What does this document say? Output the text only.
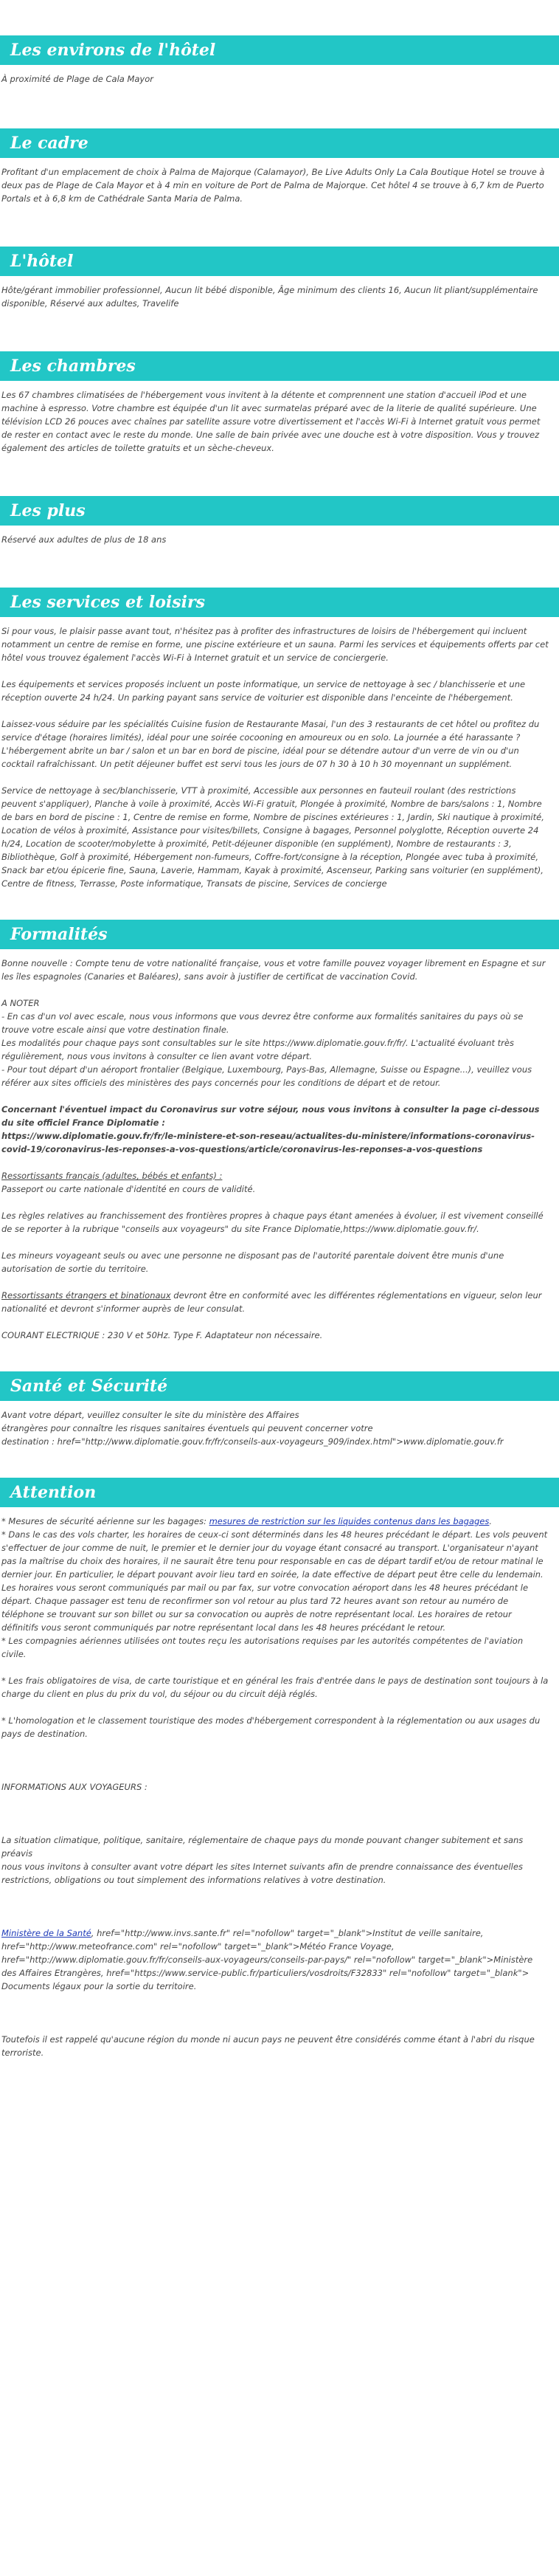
Les environs de l'hôtel

À proximité de Plage de Cala Mayor

Le cadre

Profitant d'un emplacement de choix à Palma de Majorque (Calamayor), Be Live Adults Only La Cala Boutique Hotel se trouve à deux pas de Plage de Cala Mayor et à 4 min en voiture de Port de Palma de Majorque. Cet hôtel 4 se trouve à 6,7 km de Puerto Portals et à 6,8 km de Cathédrale Santa Maria de Palma.

L'hôtel

Hôte/gérant immobilier professionnel, Aucun lit bébé disponible, Âge minimum des clients 16, Aucun lit pliant/supplémentaire disponible, Réservé aux adultes, Travelife

Les chambres

Les 67 chambres climatisées de l'hébergement vous invitent à la détente et comprennent une station d'accueil iPod et une machine à espresso. Votre chambre est équipée d'un lit avec surmatelas préparé avec de la literie de qualité supérieure. Une télévision LCD 26 pouces avec chaînes par satellite assure votre divertissement et l'accès Wi-Fi à Internet gratuit vous permet de rester en contact avec le reste du monde. Une salle de bain privée avec une douche est à votre disposition. Vous y trouvez également des articles de toilette gratuits et un sèche-cheveux.

Les plus

Réservé aux adultes de plus de 18 ans

Les services et loisirs

Si pour vous, le plaisir passe avant tout, n'hésitez pas à profiter des infrastructures de loisirs de l'hébergement qui incluent notamment un centre de remise en forme, une piscine extérieure et un sauna. Parmi les services et équipements offerts par cet hôtel vous trouvez également l'accès Wi-Fi à Internet gratuit et un service de conciergerie.

Les équipements et services proposés incluent un poste informatique, un service de nettoyage à sec / blanchisserie et une réception ouverte 24 h/24. Un parking payant sans service de voiturier est disponible dans l'enceinte de l'hébergement.

Laissez-vous séduire par les spécialités Cuisine fusion de Restaurante Masai, l'un des 3 restaurants de cet hôtel ou profitez du service d'étage (horaires limités), idéal pour une soirée cocooning en amoureux ou en solo. La journée a été harassante ? L'hébergement abrite un bar / salon et un bar en bord de piscine, idéal pour se détendre autour d'un verre de vin ou d'un cocktail rafraîchissant. Un petit déjeuner buffet est servi tous les jours de 07 h 30 à 10 h 30 moyennant un supplément.

Service de nettoyage à sec/blanchisserie, VTT à proximité, Accessible aux personnes en fauteuil roulant (des restrictions peuvent s'appliquer), Planche à voile à proximité, Accès Wi-Fi gratuit, Plongée à proximité, Nombre de bars/salons : 1, Nombre de bars en bord de piscine : 1, Centre de remise en forme, Nombre de piscines extérieures : 1, Jardin, Ski nautique à proximité, Location de vélos à proximité, Assistance pour visites/billets, Consigne à bagages, Personnel polyglotte, Réception ouverte 24 h/24, Location de scooter/mobylette à proximité, Petit-déjeuner disponible (en supplément), Nombre de restaurants : 3, Bibliothèque, Golf à proximité, Hébergement non-fumeurs, Coffre-fort/consigne à la réception, Plongée avec tuba à proximité, Snack bar et/ou épicerie fine, Sauna, Laverie, Hammam, Kayak à proximité, Ascenseur, Parking sans voiturier (en supplément), Centre de fitness, Terrasse, Poste informatique, Transats de piscine, Services de concierge

Formalités

Bonne nouvelle : Compte tenu de votre nationalité française, vous et votre famille pouvez voyager librement en Espagne et sur les îles espagnoles (Canaries et Baléares), sans avoir à justifier de certificat de vaccination Covid.

A NOTER
- En cas d'un vol avec escale, nous vous informons que vous devrez être conforme aux formalités sanitaires du pays où se trouve votre escale ainsi que votre destination finale.
Les modalités pour chaque pays sont consultables sur le site https://www.diplomatie.gouv.fr/fr/. L'actualité évoluant très régulièrement, nous vous invitons à consulter ce lien avant votre départ.
- Pour tout départ d'un aéroport frontalier (Belgique, Luxembourg, Pays-Bas, Allemagne, Suisse ou Espagne...), veuillez vous référer aux sites officiels des ministères des pays concernés pour les conditions de départ et de retour.

Concernant l'éventuel impact du Coronavirus sur votre séjour, nous vous invitons à consulter la page ci-dessous du site officiel France Diplomatie :
https://www.diplomatie.gouv.fr/fr/le-ministere-et-son-reseau/actualites-du-ministere/informations-coronavirus-covid-19/coronavirus-les-reponses-a-vos-questions/article/coronavirus-les-reponses-a-vos-questions

Ressortissants français (adultes, bébés et enfants) :
Passeport ou carte nationale d'identité en cours de validité.

Les règles relatives au franchissement des frontières propres à chaque pays étant amenées à évoluer, il est vivement conseillé de se reporter à la rubrique "conseils aux voyageurs" du site France Diplomatie,https://www.diplomatie.gouv.fr/.

Les mineurs voyageant seuls ou avec une personne ne disposant pas de l'autorité parentale doivent être munis d'une autorisation de sortie du territoire.

Ressortissants étrangers et binationaux devront être en conformité avec les différentes réglementations en vigueur, selon leur nationalité et devront s'informer auprès de leur consulat.

COURANT ELECTRIQUE : 230 V et 50Hz. Type F. Adaptateur non nécessaire.

Santé et Sécurité

Avant votre départ, veuillez consulter le site du ministère des Affaires
étrangères pour connaître les risques sanitaires éventuels qui peuvent concerner votre
destination : href="http://www.diplomatie.gouv.fr/fr/conseils-aux-voyageurs_909/index.html">www.diplomatie.gouv.fr

Attention

* Mesures de sécurité aérienne sur les bagages: mesures de restriction sur les liquides contenus dans les bagages.
* Dans le cas des vols charter, les horaires de ceux-ci sont déterminés dans les 48 heures précédant le départ. Les vols peuvent s'effectuer de jour comme de nuit, le premier et le dernier jour du voyage étant consacré au transport. L'organisateur n'ayant pas la maîtrise du choix des horaires, il ne saurait être tenu pour responsable en cas de départ tardif et/ou de retour matinal le dernier jour. En particulier, le départ pouvant avoir lieu tard en soirée, la date effective de départ peut être celle du lendemain. Les horaires vous seront communiqués par mail ou par fax, sur votre convocation aéroport dans les 48 heures précédant le départ. Chaque passager est tenu de reconfirmer son vol retour au plus tard 72 heures avant son retour au numéro de téléphone se trouvant sur son billet ou sur sa convocation ou auprès de notre représentant local. Les horaires de retour définitifs vous seront communiqués par notre représentant local dans les 48 heures précédant le retour.
* Les compagnies aériennes utilisées ont toutes reçu les autorisations requises par les autorités compétentes de l'aviation civile.

* Les frais obligatoires de visa, de carte touristique et en général les frais d'entrée dans le pays de destination sont toujours à la charge du client en plus du prix du vol, du séjour ou du circuit déjà réglés.

* L'homologation et le classement touristique des modes d'hébergement correspondent à la réglementation ou aux usages du pays de destination.

INFORMATIONS AUX VOYAGEURS :

La situation climatique, politique, sanitaire, réglementaire de chaque pays du monde pouvant changer subitement et sans préavis
nous vous invitons à consulter avant votre départ les sites Internet suivants afin de prendre connaissance des éventuelles restrictions, obligations ou tout simplement des informations relatives à votre destination.

Ministère de la Santé, href="http://www.invs.sante.fr" rel="nofollow" target="_blank">Institut de veille sanitaire, href="http://www.meteofrance.com" rel="nofollow" target="_blank">Météo France Voyage, href="http://www.diplomatie.gouv.fr/fr/conseils-aux-voyageurs/conseils-par-pays/" rel="nofollow" target="_blank">Ministère des Affaires Etrangères, href="https://www.service-public.fr/particuliers/vosdroits/F32833" rel="nofollow" target="_blank"> Documents légaux pour la sortie du territoire.

Toutefois il est rappelé qu'aucune région du monde ni aucun pays ne peuvent être considérés comme étant à l'abri du risque terroriste.
